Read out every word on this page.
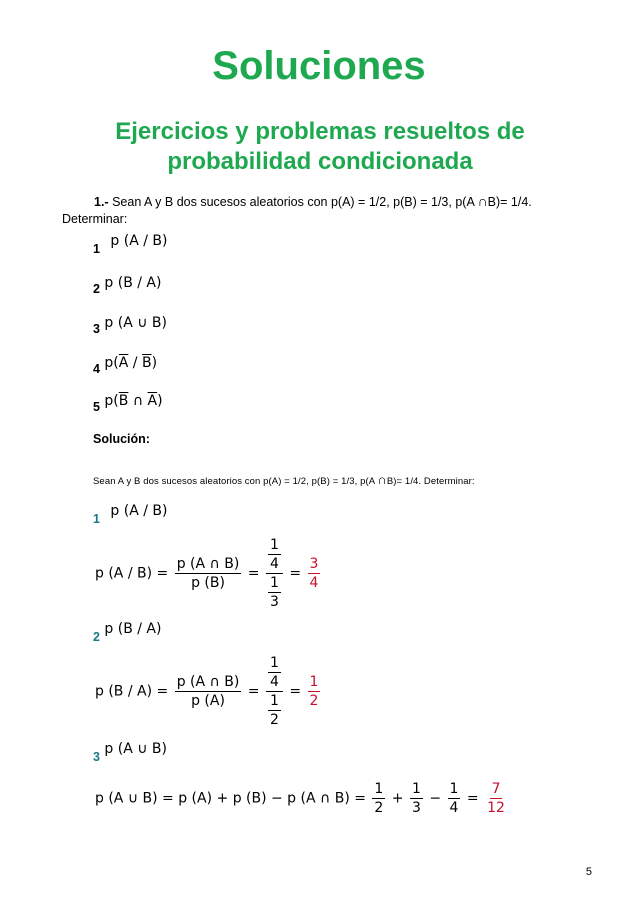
Soluciones
Ejercicios y problemas resueltos de
probabilidad condicionada
1.- Sean A y B dos sucesos aleatorios con p(A) = 1/2, p(B) = 1/3, p(A ∩B)= 1/4.
Determinar:
1 p (A / B)
2 p (B / A)
3 p (A ∪ B)
4 $p(\overline{A} / \overline{B})$
5 $p(\overline{B}$ ∩ $\overline{A}$)
Solución:
Sean A y B dos sucesos aleatorios con p(A) = 1/2, p(B) = 1/3, p(A ∩B)= 1/4. Determinar:
$_1$ p (A / B)
p $(A / B) = \frac{p (A \cap B)}{p (B)} = \frac{\frac{1}{4}}{\frac{1}{3}} = \frac{3}{4}$
$_2$ p (B / A)
p $(B / A) = \frac{p (A \cap B)}{p (A)} = \frac{\frac{1}{4}}{\frac{1}{2}} = \frac{1}{2}$
$_3$ p (A ∪ B)
p (A ∪ B) = p (A) + p (B) − p (A ∩ $B) = \frac{1}{2} + \frac{1}{3} - \frac{1}{4} = \frac{7}{12}$
5
